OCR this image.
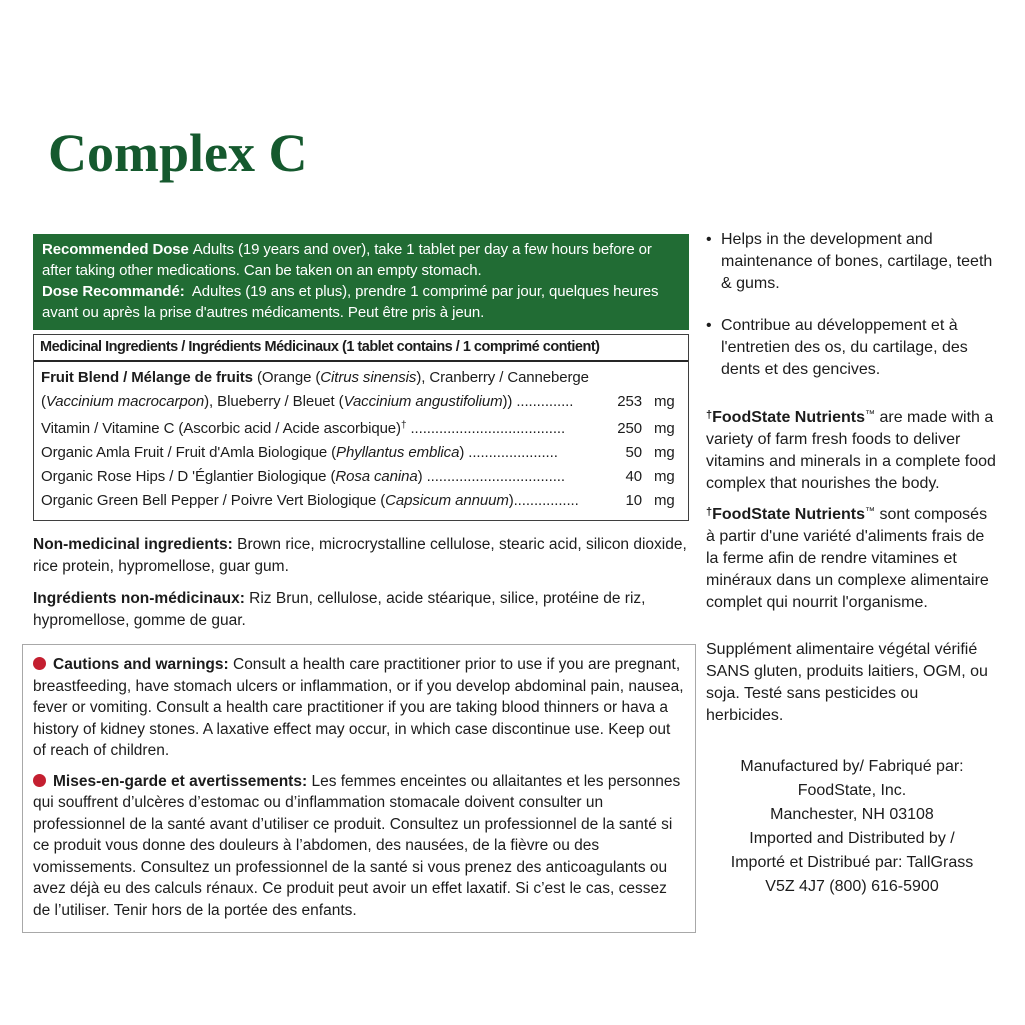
Complex C

Recommended Dose Adults (19 years and over), take 1 tablet per day a few hours before or after taking other medications. Can be taken on an empty stomach.

Dose Recommandé: Adultes (19 ans et plus), prendre 1 comprimé par jour, quelques heures avant ou après la prise d'autres médicaments. Peut être pris à jeun.

Medicinal Ingredients / Ingrédients Médicinaux (1 tablet contains / 1 comprimé contient)
Fruit Blend / Mélange de fruits (Orange (Citrus sinensis), Cranberry / Canneberge (Vaccinium macrocarpon), Blueberry / Bleuet (Vaccinium angustifolium)) ..............	253 mg
Vitamin / Vitamine C (Ascorbic acid / Acide ascorbique)† ......................................	250 mg
Organic Amla Fruit / Fruit d'Amla Biologique (Phyllantus emblica) ......................	50 mg
Organic Rose Hips / D 'Églantier Biologique (Rosa canina) ..................................	40 mg
Organic Green Bell Pepper / Poivre Vert Biologique (Capsicum annuum)................	10 mg

Non-medicinal ingredients: Brown rice, microcrystalline cellulose, stearic acid, silicon dioxide, rice protein, hypromellose, guar gum.

Ingrédients non-médicinaux: Riz Brun, cellulose, acide stéarique, silice, protéine de riz, hypromellose, gomme de guar.

Cautions and warnings: Consult a health care practitioner prior to use if you are pregnant, breastfeeding, have stomach ulcers or inflammation, or if you develop abdominal pain, nausea, fever or vomiting. Consult a health care practitioner if you are taking blood thinners or hava a history of kidney stones. A laxative effect may occur, in which case discontinue use. Keep out of reach of children.

Mises-en-garde et avertissements: Les femmes enceintes ou allaitantes et les personnes qui souffrent d’ulcères d’estomac ou d’inflammation stomacale doivent consulter un professionnel de la santé avant d’utiliser ce produit. Consultez un professionnel de la santé si ce produit vous donne des douleurs à l’abdomen, des nausées, de la fièvre ou des vomissements. Consultez un professionnel de la santé si vous prenez des anticoagulants ou avez déjà eu des calculs rénaux. Ce produit peut avoir un effet laxatif. Si c’est le cas, cessez de l’utiliser. Tenir hors de la portée des enfants.

• Helps in the development and maintenance of bones, cartilage, teeth & gums.
• Contribue au développement et à l'entretien des os, du cartilage, des dents et des gencives.

†FoodState Nutrients™ are made with a variety of farm fresh foods to deliver vitamins and minerals in a complete food complex that nourishes the body.

†FoodState Nutrients™ sont composés à partir d'une variété d'aliments frais de la ferme afin de rendre vitamines et minéraux dans un complexe alimentaire complet qui nourrit l'organisme.

Supplément alimentaire végétal vérifié SANS gluten, produits laitiers, OGM, ou soja. Testé sans pesticides ou herbicides.

Manufactured by/ Fabriqué par:
FoodState, Inc.
Manchester, NH 03108
Imported and Distributed by /
Importé et Distribué par: TallGrass
V5Z 4J7 (800) 616-5900
